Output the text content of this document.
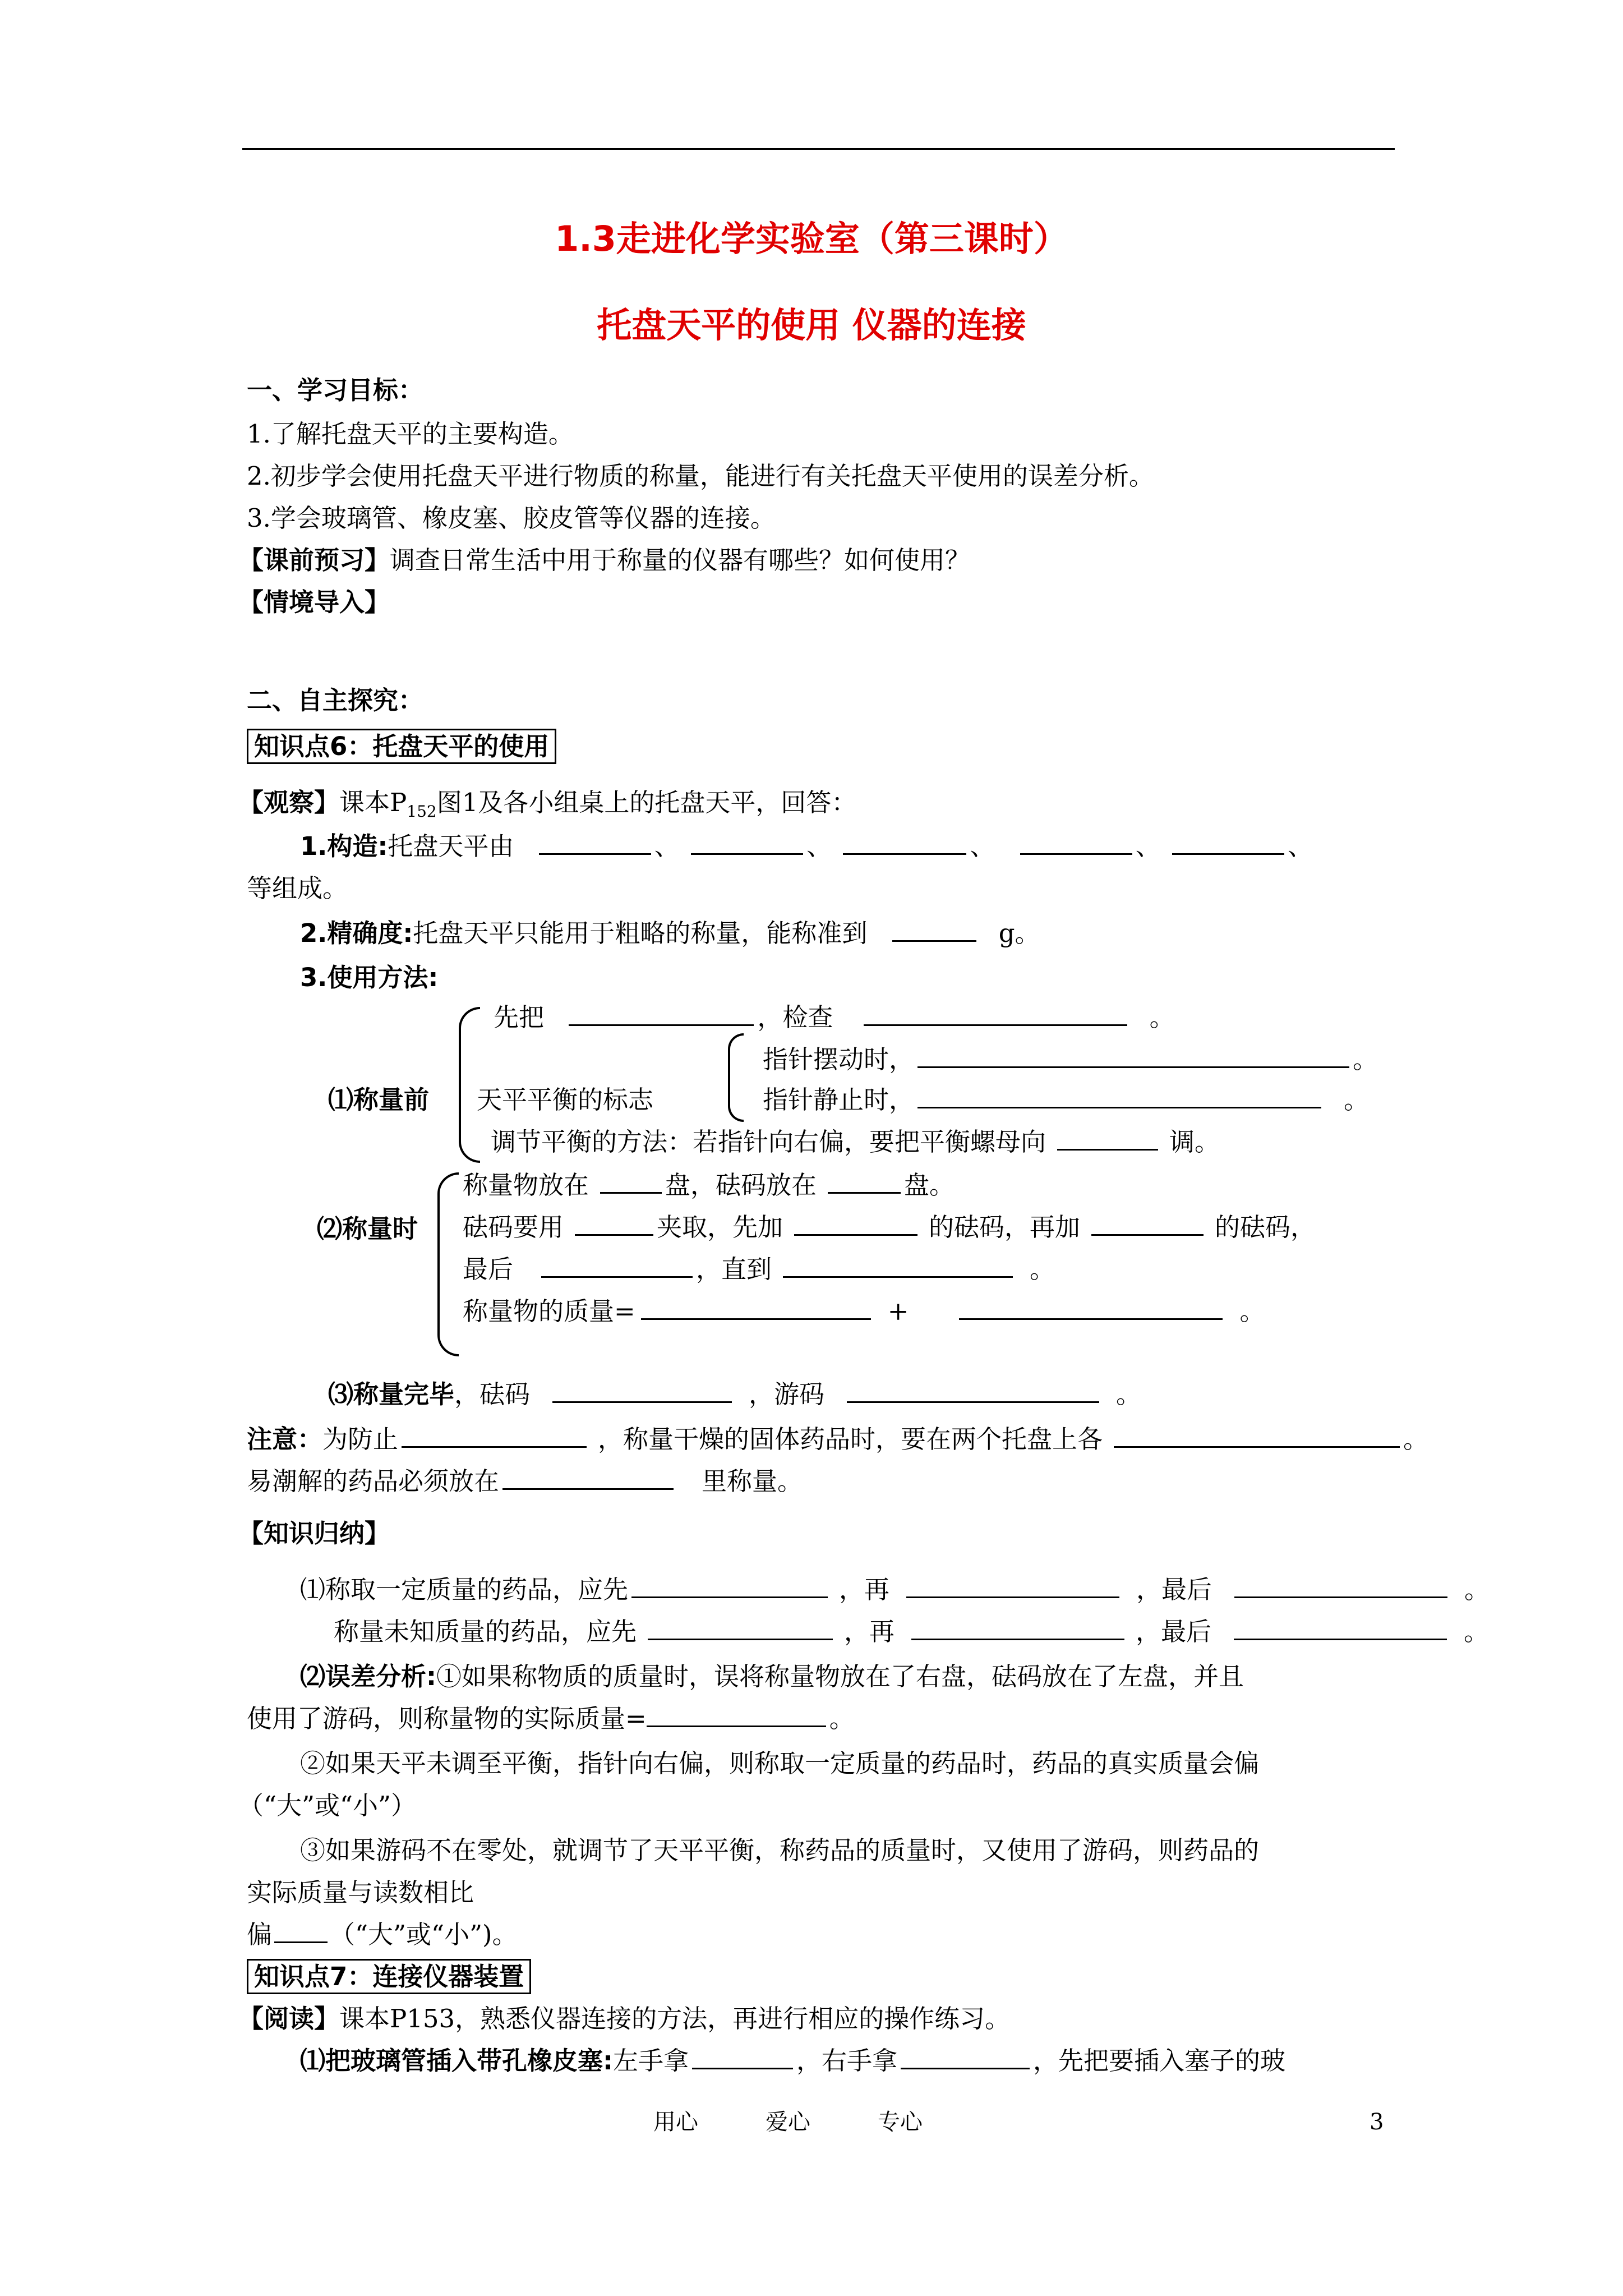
1.3走进化学实验室（第三课时）
托盘天平的使用 仪器的连接
一、学习目标：
1.了解托盘天平的主要构造。
2.初步学会使用托盘天平进行物质的称量，能进行有关托盘天平使用的误差分析。
3.学会玻璃管、橡皮塞、胶皮管等仪器的连接。
【课前预习】调查日常生活中用于称量的仪器有哪些？如何使用？
【情境导入】
二、自主探究：
知识点6：托盘天平的使用
【观察】课本$P_{152}$图1及各小组桌上的托盘天平，回答：
1.构造:托盘天平由	、	、	、	、	、
等组成。
2.精确度:托盘天平只能用于粗略的称量，能称准到	g。
3.使用方法:
⑴称量前
先把	，检查	。
指针摆动时，	。
天平平衡的标志	指针静止时，	。
调节平衡的方法：若指针向右偏，要把平衡螺母向	调。
⑵称量时
称量物放在	盘，砝码放在	盘。
砝码要用	夹取，先加	的砝码，再加	的砝码，
最后	，直到	。
称量物的质量=	+	。
⑶称量完毕，砝码	，游码	。
注意：为防止	，称量干燥的固体药品时，要在两个托盘上各	。
易潮解的药品必须放在	里称量。
【知识归纳】
⑴称取一定质量的药品，应先	，再	，最后	。
称量未知质量的药品，应先	，再	，最后	。
⑵误差分析:①如果称物质的质量时，误将称量物放在了右盘，砝码放在了左盘，并且
使用了游码，则称量物的实际质量=	。
②如果天平未调至平衡，指针向右偏，则称取一定质量的药品时，药品的真实质量会偏
（“大”或“小”）
③如果游码不在零处，就调节了天平平衡，称药品的质量时，又使用了游码，则药品的
实际质量与读数相比
偏 （“大”或“小”)。
知识点7：连接仪器装置
【阅读】课本P153，熟悉仪器连接的方法，再进行相应的操作练习。
⑴把玻璃管插入带孔橡皮塞:左手拿	，右手拿	，先把要插入塞子的玻
用心	爱心	专心	3
